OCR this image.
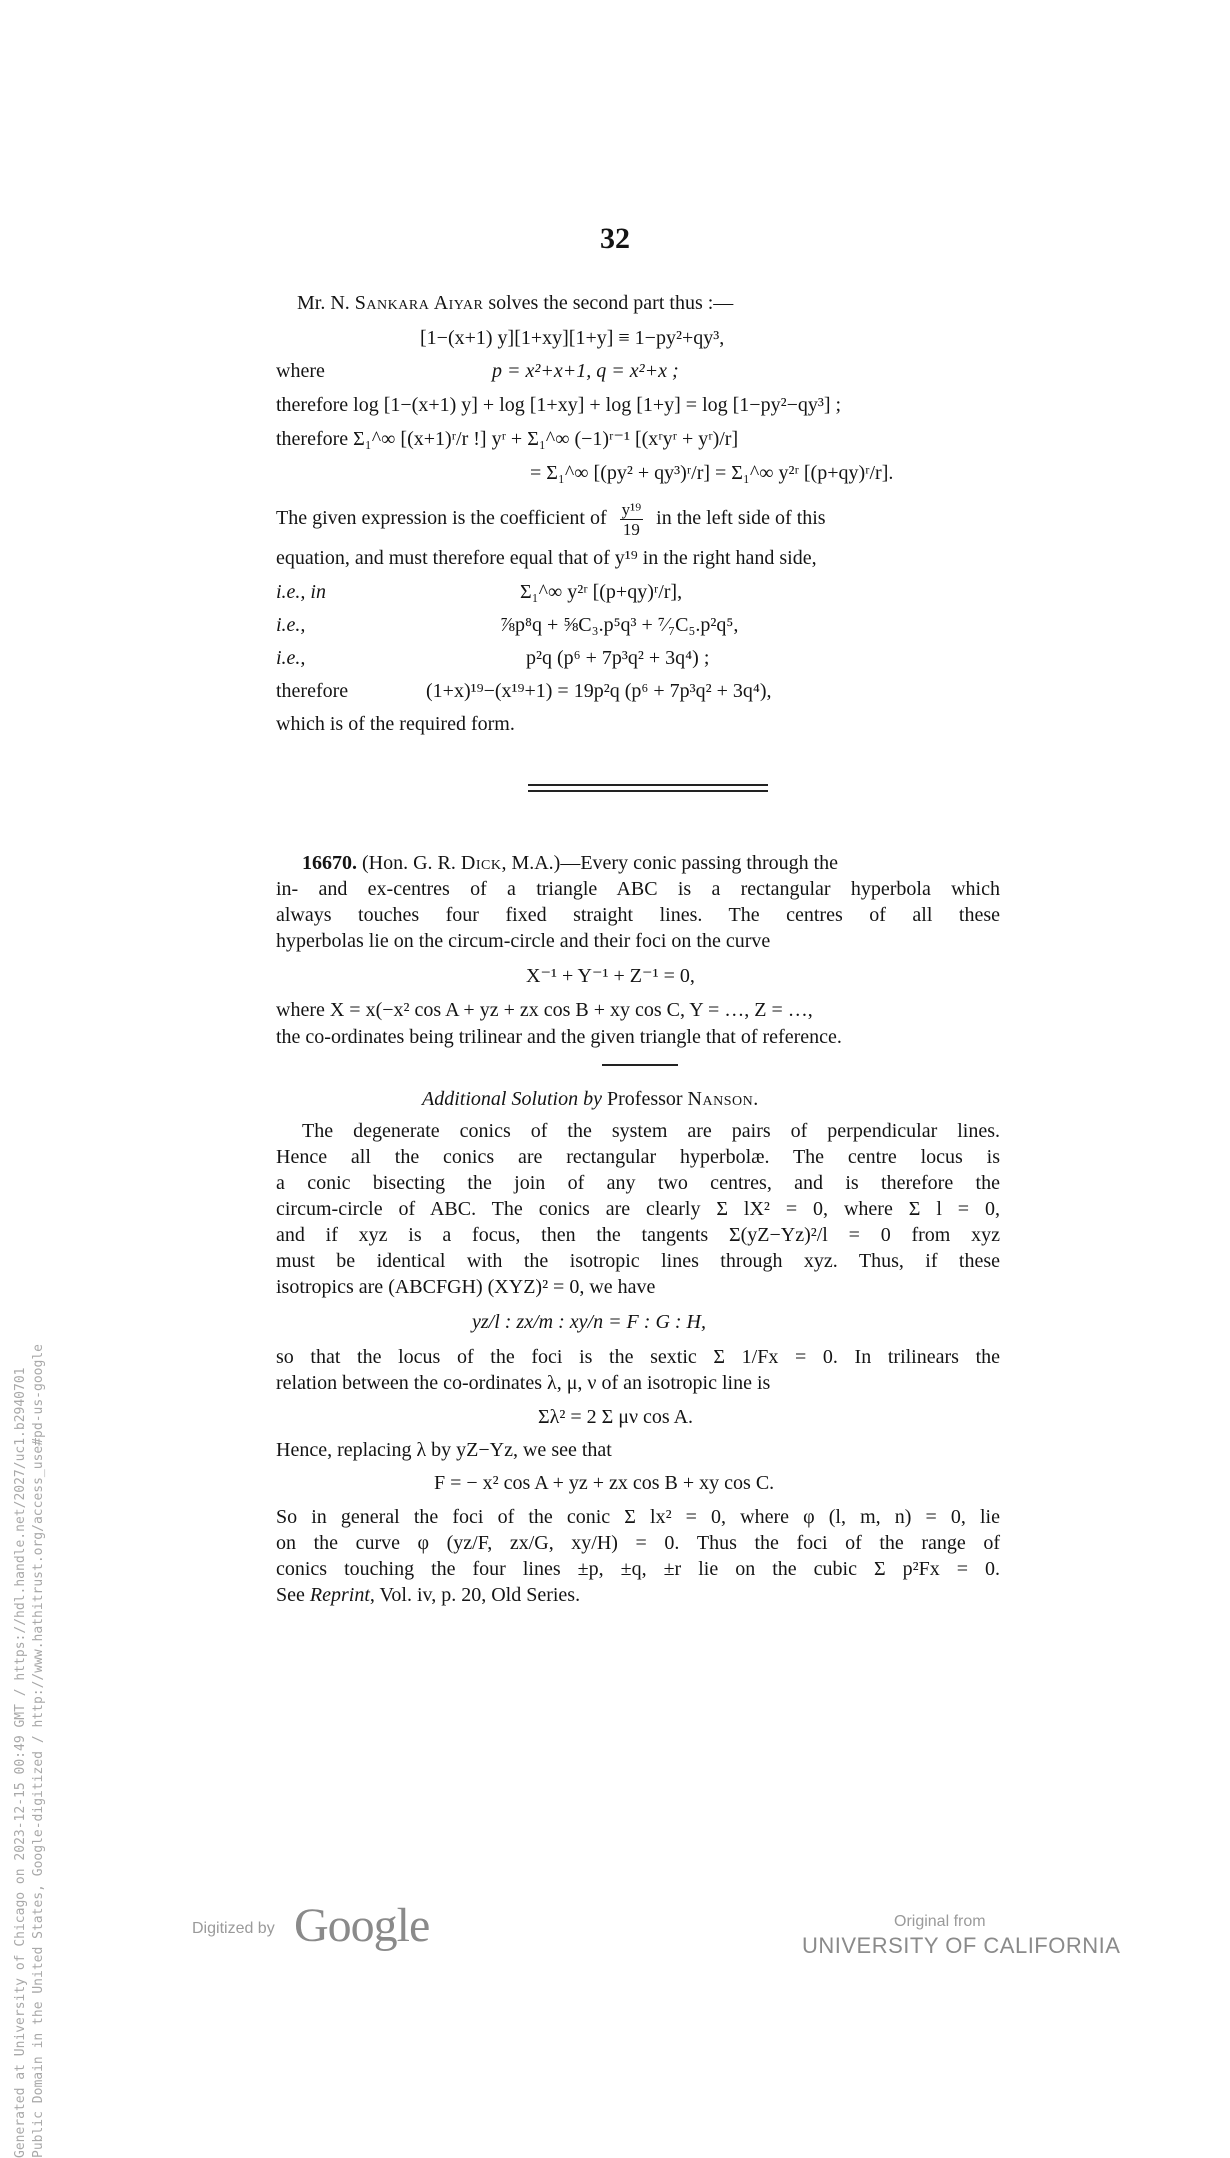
32
Mr. N. Sankara Aiyar solves the second part thus :—
[1−(x+1) y][1+xy][1+y] ≡ 1−py²+qy³,
where	p = x²+x+1, q = x²+x ;
therefore log [1−(x+1) y] + log [1+xy] + log [1+y] = log [1−py²−qy³] ;
therefore Σ₁^∞ [(x+1)ʳ/r !] yʳ + Σ₁^∞ (−1)ʳ⁻¹ [(xʳyʳ + yʳ)/r]
= Σ₁^∞ [(py² + qy³)ʳ/r] = Σ₁^∞ y²ʳ [(p+qy)ʳ/r].
The given expression is the coefficient of $\frac{\text{y¹⁹}}{19}$ in the left side of this
equation, and must therefore equal that of y¹⁹ in the right hand side,
i.e., in	Σ₁^∞ y²ʳ [(p+qy)ʳ/r],
i.e.,	⅞p⁸q + ⅝C₃.p⁵q³ + ⁷⁄₇C₅.p²q⁵,
i.e.,	p²q (p⁶ + 7p³q² + 3q⁴) ;
therefore	(1+x)¹⁹−(x¹⁹+1) = 19p²q (p⁶ + 7p³q² + 3q⁴),
which is of the required form.
16670. (Hon. G. R. Dick, M.A.)—Every conic passing through the
in- and ex-centres of a triangle ABC is a rectangular hyperbola which
always touches four fixed straight lines. The centres of all these
hyperbolas lie on the circum-circle and their foci on the curve
X⁻¹ + Y⁻¹ + Z⁻¹ = 0,
where X = x(−x² cos A + yz + zx cos B + xy cos C, Y = …, Z = …,
the co-ordinates being trilinear and the given triangle that of reference.
Additional Solution by Professor Nanson.
The degenerate conics of the system are pairs of perpendicular lines.
Hence all the conics are rectangular hyperbolæ. The centre locus is
a conic bisecting the join of any two centres, and is therefore the
circum-circle of ABC. The conics are clearly Σ lX² = 0, where Σ l = 0,
and if xyz is a focus, then the tangents Σ(yZ−Yz)²/l = 0 from xyz
must be identical with the isotropic lines through xyz. Thus, if these
isotropics are (ABCFGH) (XYZ)² = 0, we have
yz/l : zx/m : xy/n = F : G : H,
so that the locus of the foci is the sextic Σ 1/Fx = 0. In trilinears the
relation between the co-ordinates λ, μ, ν of an isotropic line is
Σλ² = 2 Σ μν cos A.
Hence, replacing λ by yZ−Yz, we see that
F = − x² cos A + yz + zx cos B + xy cos C.
So in general the foci of the conic Σ lx² = 0, where φ (l, m, n) = 0, lie
on the curve φ (yz/F, zx/G, xy/H) = 0. Thus the foci of the range of
conics touching the four lines ±p, ±q, ±r lie on the cubic Σ p²Fx = 0.
See Reprint, Vol. iv, p. 20, Old Series.
Generated at University of Chicago on 2023-12-15 00:49 GMT / https://hdl.handle.net/2027/uc1.b2940701 Public Domain in the United States, Google-digitized / http://www.hathitrust.org/access_use#pd-us-google	Digitized by Google	Original from
UNIVERSITY OF CALIFORNIA
